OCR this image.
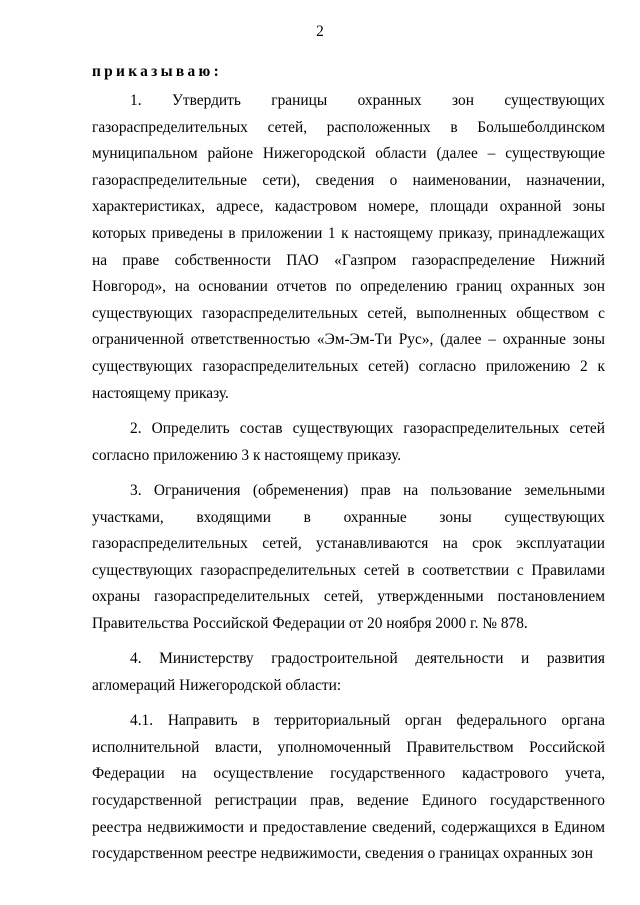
2
приказываю:

1. Утвердить границы охранных зон существующих газораспределительных сетей, расположенных в Большеболдинском муниципальном районе Нижегородской области (далее – существующие газораспределительные сети), сведения о наименовании, назначении, характеристиках, адресе, кадастровом номере, площади охранной зоны которых приведены в приложении 1 к настоящему приказу, принадлежащих на праве собственности ПАО «Газпром газораспределение Нижний Новгород», на основании отчетов по определению границ охранных зон существующих газораспределительных сетей, выполненных обществом с ограниченной ответственностью «Эм-Эм-Ти Рус», (далее – охранные зоны существующих газораспределительных сетей) согласно приложению 2 к настоящему приказу.

2. Определить состав существующих газораспределительных сетей согласно приложению 3 к настоящему приказу.

3. Ограничения (обременения) прав на пользование земельными участками, входящими в охранные зоны существующих газораспределительных сетей, устанавливаются на срок эксплуатации существующих газораспределительных сетей в соответствии с Правилами охраны газораспределительных сетей, утвержденными постановлением Правительства Российской Федерации от 20 ноября 2000 г. № 878.

4. Министерству градостроительной деятельности и развития агломераций Нижегородской области:

4.1. Направить в территориальный орган федерального органа исполнительной власти, уполномоченный Правительством Российской Федерации на осуществление государственного кадастрового учета, государственной регистрации прав, ведение Единого государственного реестра недвижимости и предоставление сведений, содержащихся в Едином государственном реестре недвижимости, сведения о границах охранных зон
